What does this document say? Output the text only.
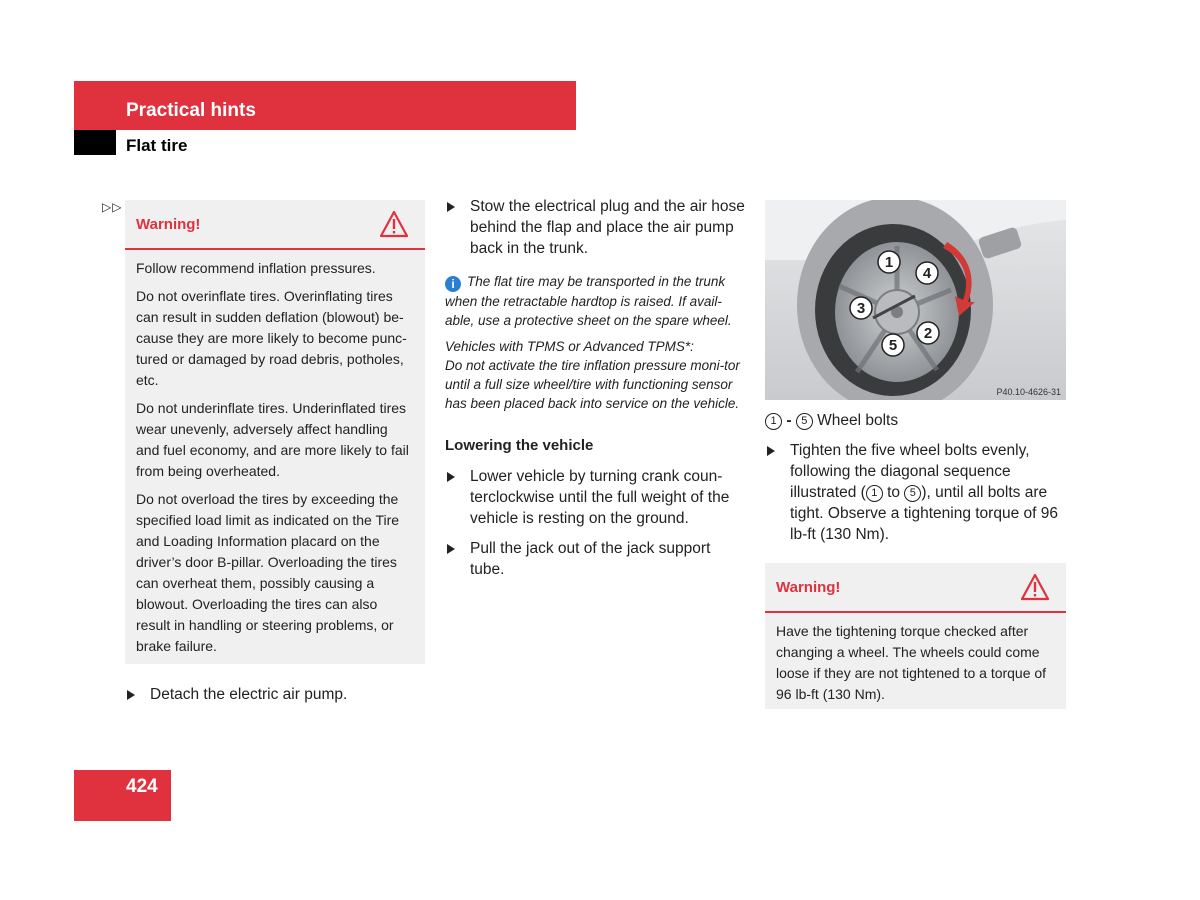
Practical hints
Flat tire
▷▷
Warning!

Follow recommend inflation pressures.

Do not overinflate tires. Overinflating tires can result in sudden deflation (blowout) be-cause they are more likely to become punc-tured or damaged by road debris, potholes, etc.

Do not underinflate tires. Underinflated tires wear unevenly, adversely affect handling and fuel economy, and are more likely to fail from being overheated.

Do not overload the tires by exceeding the specified load limit as indicated on the Tire and Loading Information placard on the driver’s door B-pillar. Overloading the tires can overheat them, possibly causing a blowout. Overloading the tires can also result in handling or steering problems, or brake failure.

Detach the electric air pump.
Stow the electrical plug and the air hose behind the flap and place the air pump back in the trunk.
i The flat tire may be transported in the trunk when the retractable hardtop is raised. If avail-able, use a protective sheet on the spare wheel.
Vehicles with TPMS or Advanced TPMS*:
Do not activate the tire inflation pressure moni-tor until a full size wheel/tire with functioning sensor has been placed back into service on the vehicle.
Lowering the vehicle
Lower vehicle by turning crank coun-terclockwise until the full weight of the vehicle is resting on the ground.
Pull the jack out of the jack support tube.
1
2
3
4
5
P40.10-4626-31
1 - 5 Wheel bolts
Tighten the five wheel bolts evenly, following the diagonal sequence illustrated ( 1 to 5 ), until all bolts are tight. Observe a tightening torque of 96 lb-ft (130 Nm).
Warning!

Have the tightening torque checked after changing a wheel. The wheels could come loose if they are not tightened to a torque of 96 lb-ft (130 Nm).

424
